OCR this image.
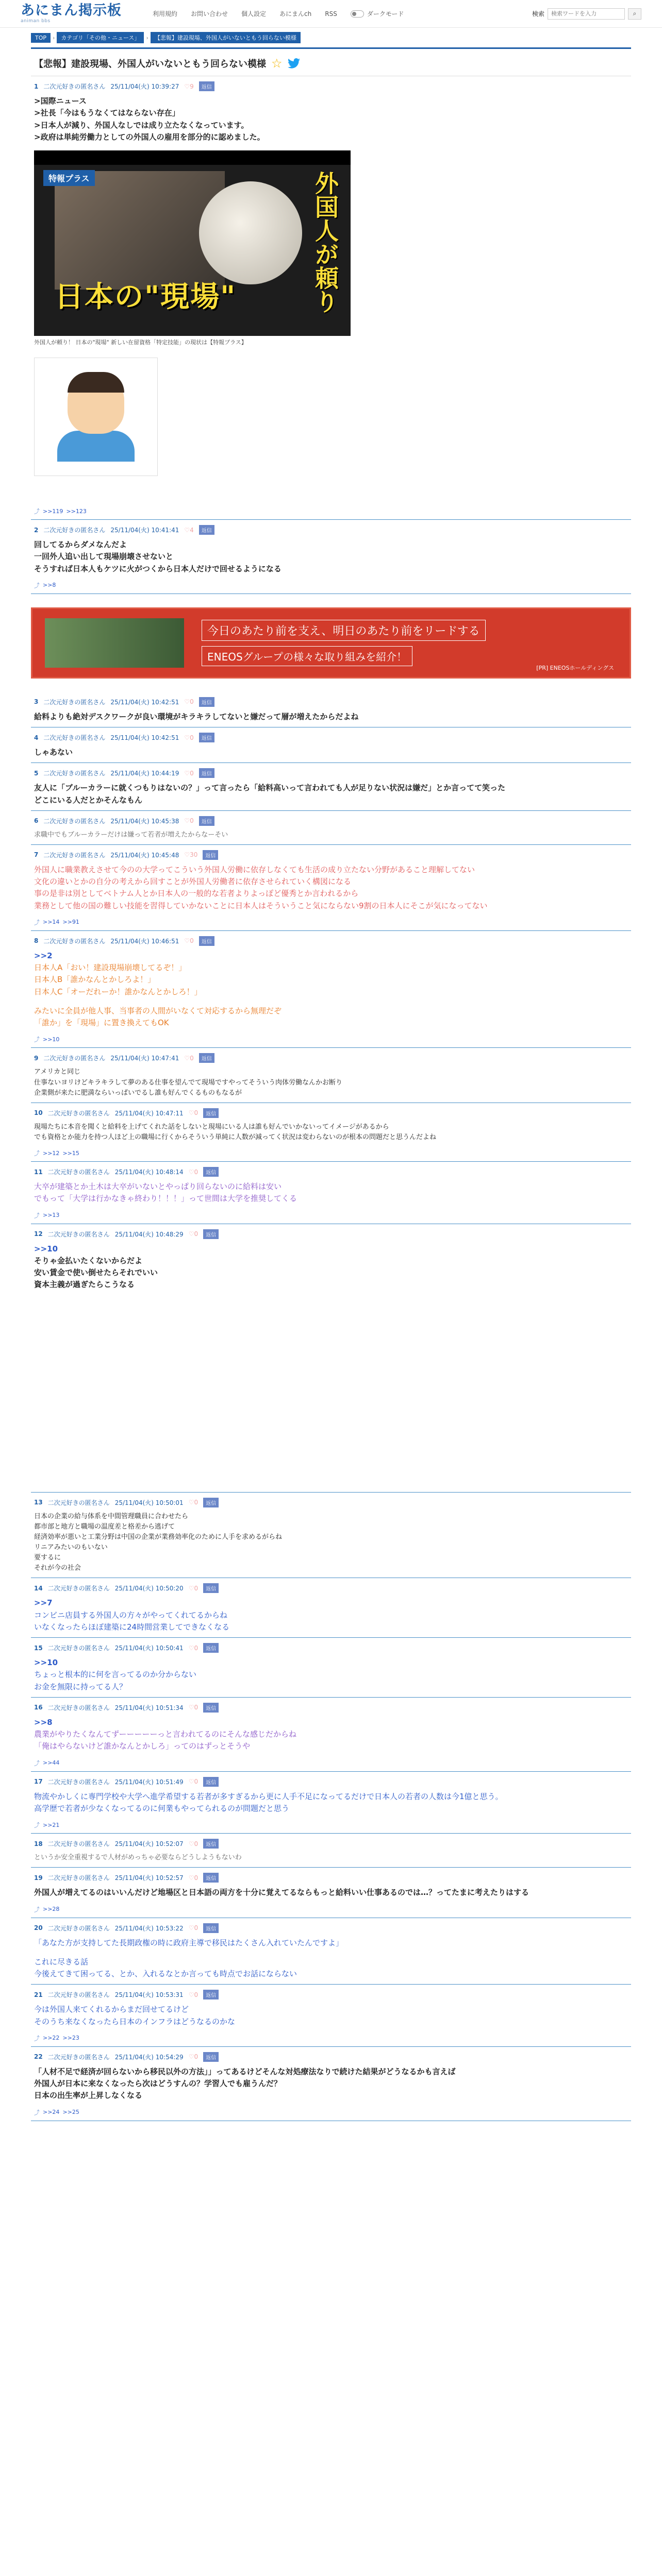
あにまん掲示板
animan bbs
利用規約 お問い合わせ 個人設定 あにまんch RSS	ダークモード	検索
検索ワードを入力	⌕
TOP	›	カテゴリ「その他・ニュース」	›	【悲報】建設現場、外国人がいないともう回らない模様
【悲報】建設現場、外国人がいないともう回らない模様 ☆
1 二次元好きの匿名さん 25/11/04(火) 10:39:27 ♡9	返信
>国際ニュース
>社長「今はもうなくてはならない存在」
>日本人が減り、外国人なしでは成り立たなくなっています。
>政府は単純労働力としての外国人の雇用を部分的に認めました。
特報プラス	外国人が頼り
日本の"現場"
外国人が頼り！ 日本の"現場" 新しい在留資格「特定技能」の現状は【特報プラス】
⤴ >>119 >>123
2 二次元好きの匿名さん 25/11/04(火) 10:41:41 ♡4	返信
回してるからダメなんだよ
一回外人追い出して現場崩壊させないと
そうすれば日本人もケツに火がつくから日本人だけで回せるようになる
⤴ >>8
今日のあたり前を支え、明日のあたり前をリードする
ENEOSグループの様々な取り組みを紹介！
[PR] ENEOSホールディングス
3 二次元好きの匿名さん 25/11/04(火) 10:42:51 ♡0	返信
給料よりも絶対デスクワークが良い環境がキラキラしてないと嫌だって層が増えたからだよね
4 二次元好きの匿名さん 25/11/04(火) 10:42:51 ♡0	返信
しゃあない
5 二次元好きの匿名さん 25/11/04(火) 10:44:19 ♡0	返信
友人に「ブルーカラーに就くつもりはないの？」って言ったら「給料高いって言われても人が足りない状況は嫌だ」とか言ってて笑った
どこにいる人だとかそんなもん
6 二次元好きの匿名さん 25/11/04(火) 10:45:38 ♡0	返信
求職中でもブルーカラーだけは嫌って若者が増えたからなーそい
7 二次元好きの匿名さん 25/11/04(火) 10:45:48 ♡30	返信
外国人に職業教えさせて今のの大学ってこういう外国人労働に依存しなくても生活の成り立たない分野があること理解してない
文化の違いとかの自分の考えから回すことが外国人労働者に依存させられていく構図になる
事の是非は別としてベトナム人とか日本人の一般的な若者よりよっぽど優秀とか言われるから
業務として他の国の難しい技能を習得していかないことに日本人はそういうこと気にならない9割の日本人にそこが気になってない
⤴ >>14 >>91
8 二次元好きの匿名さん 25/11/04(火) 10:46:51 ♡0	返信
>>2
日本人A「おい！建設現場崩壊してるぞ！」
日本人B「誰かなんとかしろよ！」
日本人C「オーだれーか！誰かなんとかしろ！」
みたいに全員が他人事、当事者の人間がいなくて対応するから無理だぞ
「誰か」を「現場」に置き換えてもOK
⤴ >>10
9 二次元好きの匿名さん 25/11/04(火) 10:47:41 ♡0	返信
アメリカと同じ
仕事ないヨリけどキラキラして夢のある仕事を望んでて現場ですやってそういう肉体労働なんかお断り
企業側が来たに肥満ならいっぱいでるし誰も好んでくるものもなるが
10 二次元好きの匿名さん 25/11/04(火) 10:47:11 ♡0	返信
現場たちに本音を聞くと給料を上げてくれた話をしないと現場にいる人は誰も好んでいかないってイメージがあるから
でも資格とか能力を持つ人ほど上の職場に行くからそういう単純に人数が減ってく状況は変わらないのが根本の問題だと思うんだよね
⤴ >>12 >>15
11 二次元好きの匿名さん 25/11/04(火) 10:48:14 ♡0	返信
大卒が建築とか土木は大卒がいないとやっぱり回らないのに給料は安い
でもって「大学は行かなきゃ終わり！！！」って世間は大学を推奨してくる
⤴ >>13
12 二次元好きの匿名さん 25/11/04(火) 10:48:29 ♡0	返信
>>10
そりゃ金払いたくないからだよ
安い賃金で使い倒せたらそれでいい
資本主義が過ぎたらこうなる
13 二次元好きの匿名さん 25/11/04(火) 10:50:01 ♡0	返信
日本の企業の給与体系を中間管理職員に合わせたら
都市部と地方と職場の温度差と格差から逃げて
経済効率が悪いと工業分野は中国の企業が業務効率化のために人手を求めるがらね
リニアみたいのもいない
要するに
それが今の社会
14 二次元好きの匿名さん 25/11/04(火) 10:50:20 ♡0	返信
>>7
コンビニ店員する外国人の方々がやってくれてるからね
いなくなったらほぼ建築に24時間営業してできなくなる
15 二次元好きの匿名さん 25/11/04(火) 10:50:41 ♡0	返信
>>10
ちょっと根本的に何を言ってるのか分からない
お金を無限に持ってる人？
16 二次元好きの匿名さん 25/11/04(火) 10:51:34 ♡0	返信
>>8
農業がやりたくなんてずーーーーーっと言われてるのにそんな感じだからね
「俺はやらないけど誰かなんとかしろ」ってのはずっとそうや
⤴ >>44
17 二次元好きの匿名さん 25/11/04(火) 10:51:49 ♡0	返信
物流やかしくに専門学校や大学へ進学希望する若者が多すぎるから更に人手不足になってるだけで日本人の若者の人数は今1億と思う。
高学歴で若者が少なくなってるのに何業もやってられるのが問題だと思う
⤴ >>21
18 二次元好きの匿名さん 25/11/04(火) 10:52:07 ♡0	返信
というか安全重視するで人材がめっちゃ必要ならどうしようもないわ
19 二次元好きの匿名さん 25/11/04(火) 10:52:57 ♡0	返信
外国人が増えてるのはいいんだけど地場区と日本語の両方を十分に覚えてるならもっと給料いい仕事あるのでは…？ってたまに考えたりはする
⤴ >>28
20 二次元好きの匿名さん 25/11/04(火) 10:53:22 ♡0	返信
「あなた方が支持してた長期政権の時に政府主導で移民はたくさん入れていたんですよ」
これに尽きる話
今後えてきて困ってる、とか、入れるなとか言っても時点でお話にならない
21 二次元好きの匿名さん 25/11/04(火) 10:53:31 ♡0	返信
今は外国人来てくれるからまだ回せてるけど
そのうち来なくなったら日本のインフラはどうなるのかな
⤴ >>22 >>23
22 二次元好きの匿名さん 25/11/04(火) 10:54:29 ♡0	返信
「人材不足で経済が回らないから移民以外の方法」」ってあるけどそんな対処療法なりで続けた結果がどうなるかも言えば
外国人が日本に来なくなったら次はどうすんの？学習人でも雇うんだ？
日本の出生率が上昇しなくなる
⤴ >>24 >>25
